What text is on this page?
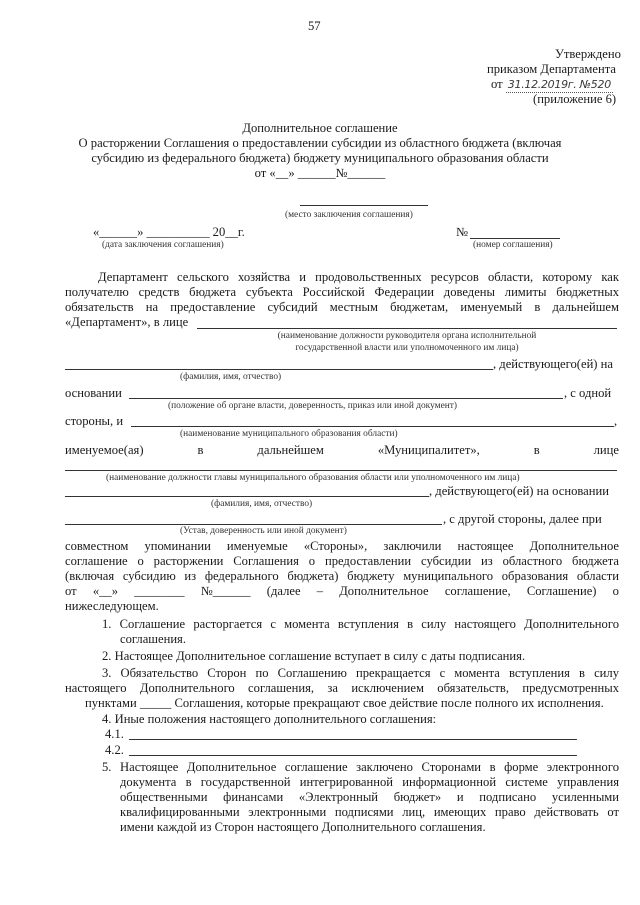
57
Утверждено
приказом Департамента
от 31.12.2019г. №520
(приложение 6)
Дополнительное соглашение
О расторжении Соглашения о предоставлении субсидии из областного бюджета (включая
субсидию из федерального бюджета) бюджету муниципального образования области
от «__» ______№______
(место заключения соглашения)
«______» __________ 20__г.
(дата заключения соглашения)
№
(номер соглашения)
Департамент сельского хозяйства и продовольственных ресурсов области, которому как
получателю средств бюджета субъекта Российской Федерации доведены лимиты бюджетных
обязательств на предоставление субсидий местным бюджетам, именуемый в дальнейшем
«Департамент», в лице
(наименование должности руководителя органа исполнительной
государственной власти или уполномоченного им лица)
, действующего(ей) на
(фамилия, имя, отчество)
основании	, с одной
(положение об органе власти, доверенность, приказ или иной документ)
стороны, и	,
(наименование муниципального образования области)
именуемое(ая)	в	дальнейшем	«Муниципалитет»,	в	лице
(наименование должности главы муниципального образования области или уполномоченного им лица)
, действующего(ей) на основании
(фамилия, имя, отчество)
, с другой стороны, далее при
(Устав, доверенность или иной документ)
совместном упоминании именуемые «Стороны», заключили настоящее Дополнительное
соглашение о расторжении Соглашения о предоставлении субсидии из областного бюджета
(включая субсидию из федерального бюджета) бюджету муниципального образования области
от «__» ________ №______ (далее – Дополнительное соглашение, Соглашение) о
нижеследующем.
1. Соглашение расторгается с момента вступления в силу настоящего Дополнительного
соглашения.
2. Настоящее Дополнительное соглашение вступает в силу с даты подписания.
3. Обязательство Сторон по Соглашению прекращается с момента вступления в силу
настоящего Дополнительного соглашения, за исключением обязательств, предусмотренных
пунктами _____ Соглашения, которые прекращают свое действие после полного их исполнения.
4. Иные положения настоящего дополнительного соглашения:
4.1.
4.2.
5. Настоящее Дополнительное соглашение заключено Сторонами в форме электронного
документа в государственной интегрированной информационной системе управления
общественными финансами «Электронный бюджет» и подписано усиленными
квалифицированными электронными подписями лиц, имеющих право действовать от
имени каждой из Сторон настоящего Дополнительного соглашения.
